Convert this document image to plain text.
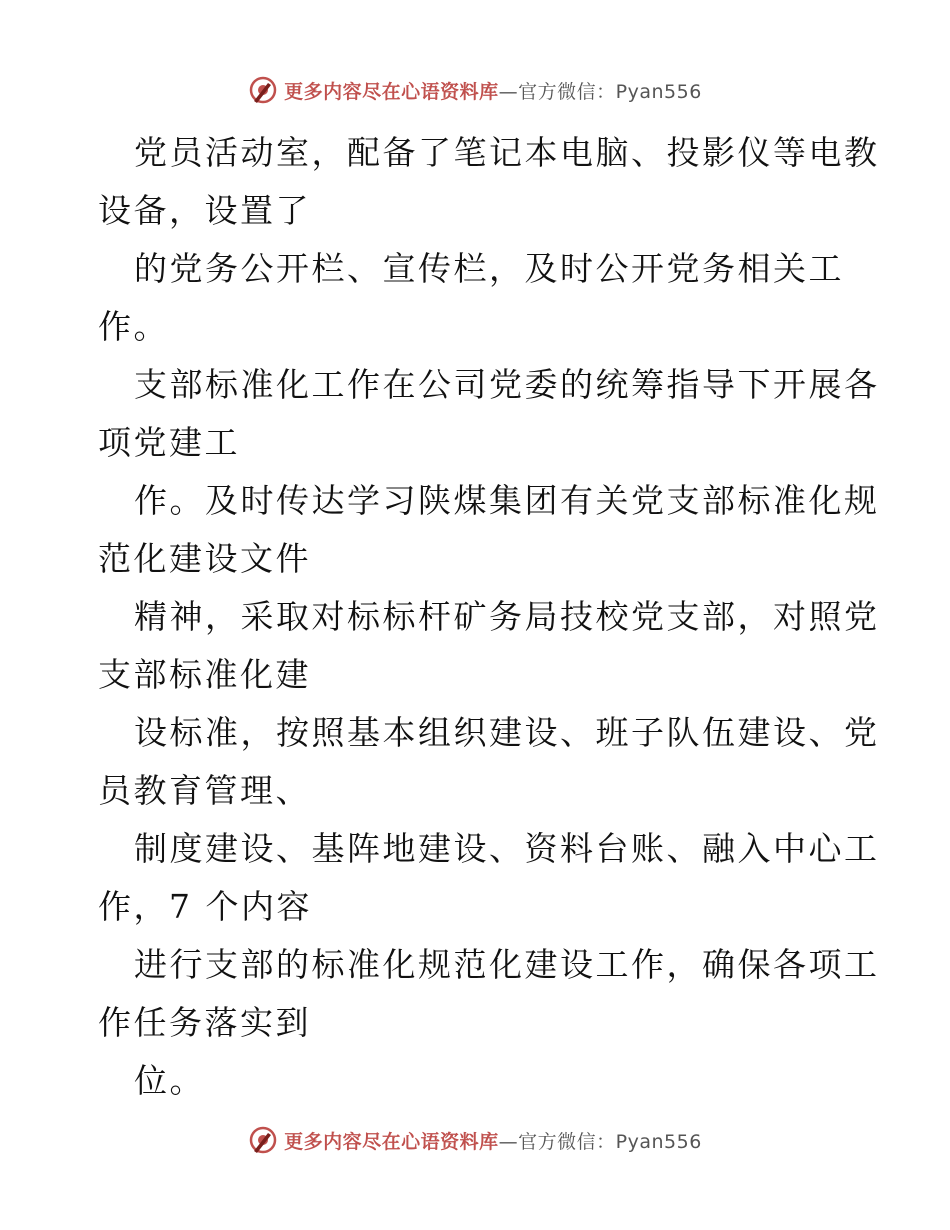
更多内容尽在心语资料库—官方微信：Pyan556
党员活动室，配备了笔记本电脑、投影仪等电教
设备，设置了
的党务公开栏、宣传栏，及时公开党务相关工
作。
支部标准化工作在公司党委的统筹指导下开展各
项党建工
作。及时传达学习陕煤集团有关党支部标准化规
范化建设文件
精神，采取对标标杆矿务局技校党支部，对照党
支部标准化建
设标准，按照基本组织建设、班子队伍建设、党
员教育管理、
制度建设、基阵地建设、资料台账、融入中心工
作，7 个内容
进行支部的标准化规范化建设工作，确保各项工
作任务落实到
位。
更多内容尽在心语资料库—官方微信：Pyan556
